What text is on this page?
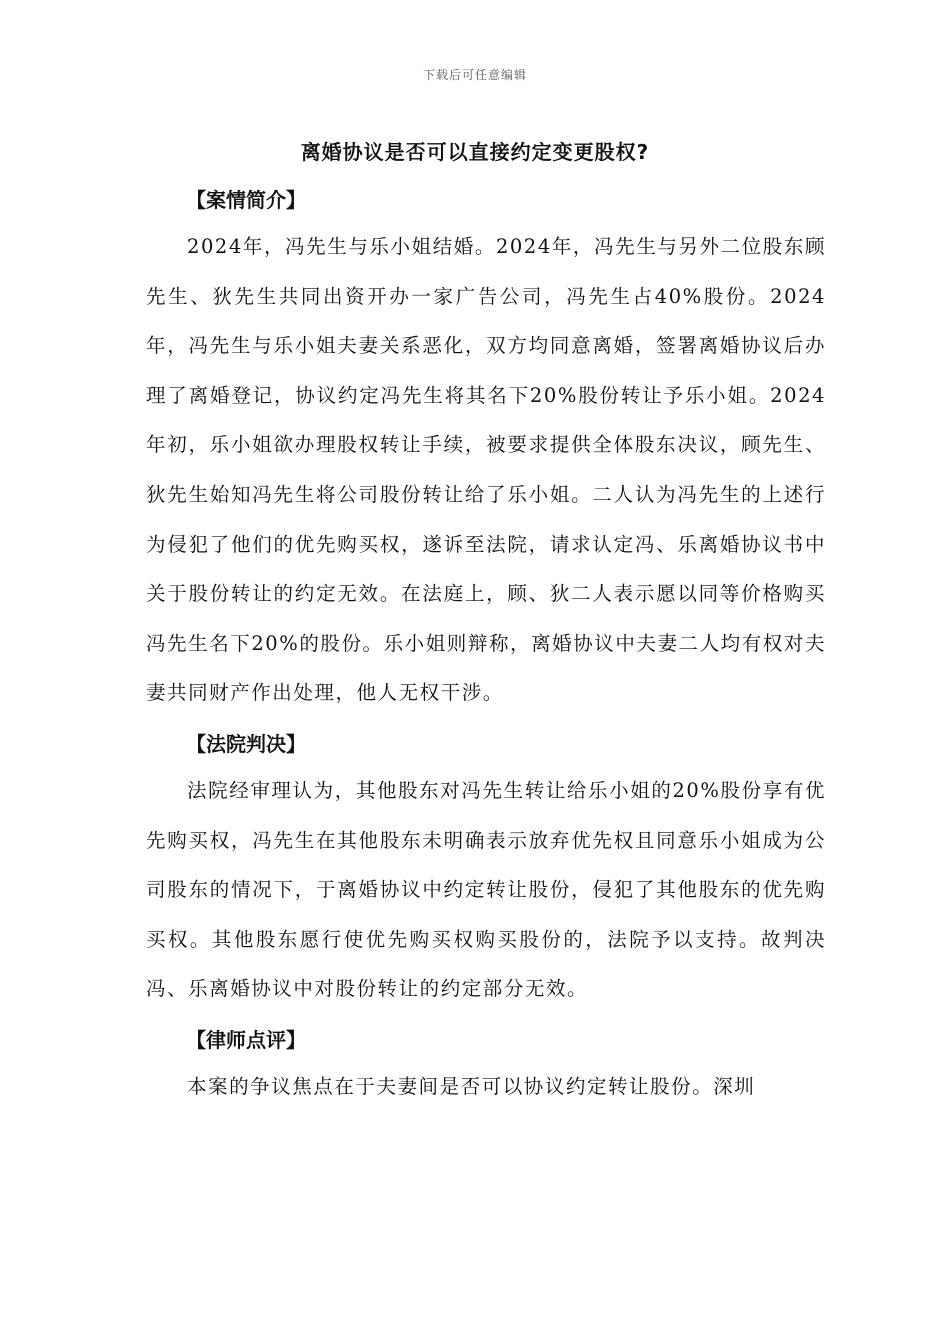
下载后可任意编辑
离婚协议是否可以直接约定变更股权?
【案情简介】

2024年，冯先生与乐小姐结婚。2024年，冯先生与另外二位股东顾先生、狄先生共同出资开办一家广告公司，冯先生占40%股份。2024年，冯先生与乐小姐夫妻关系恶化，双方均同意离婚，签署离婚协议后办理了离婚登记，协议约定冯先生将其名下20%股份转让予乐小姐。2024年初，乐小姐欲办理股权转让手续，被要求提供全体股东决议，顾先生、狄先生始知冯先生将公司股份转让给了乐小姐。二人认为冯先生的上述行为侵犯了他们的优先购买权，遂诉至法院，请求认定冯、乐离婚协议书中关于股份转让的约定无效。在法庭上，顾、狄二人表示愿以同等价格购买冯先生名下20%的股份。乐小姐则辩称，离婚协议中夫妻二人均有权对夫妻共同财产作出处理，他人无权干涉。

【法院判决】

法院经审理认为，其他股东对冯先生转让给乐小姐的20%股份享有优先购买权，冯先生在其他股东未明确表示放弃优先权且同意乐小姐成为公司股东的情况下，于离婚协议中约定转让股份，侵犯了其他股东的优先购买权。其他股东愿行使优先购买权购买股份的，法院予以支持。故判决冯、乐离婚协议中对股份转让的约定部分无效。

【律师点评】

本案的争议焦点在于夫妻间是否可以协议约定转让股份。深圳
